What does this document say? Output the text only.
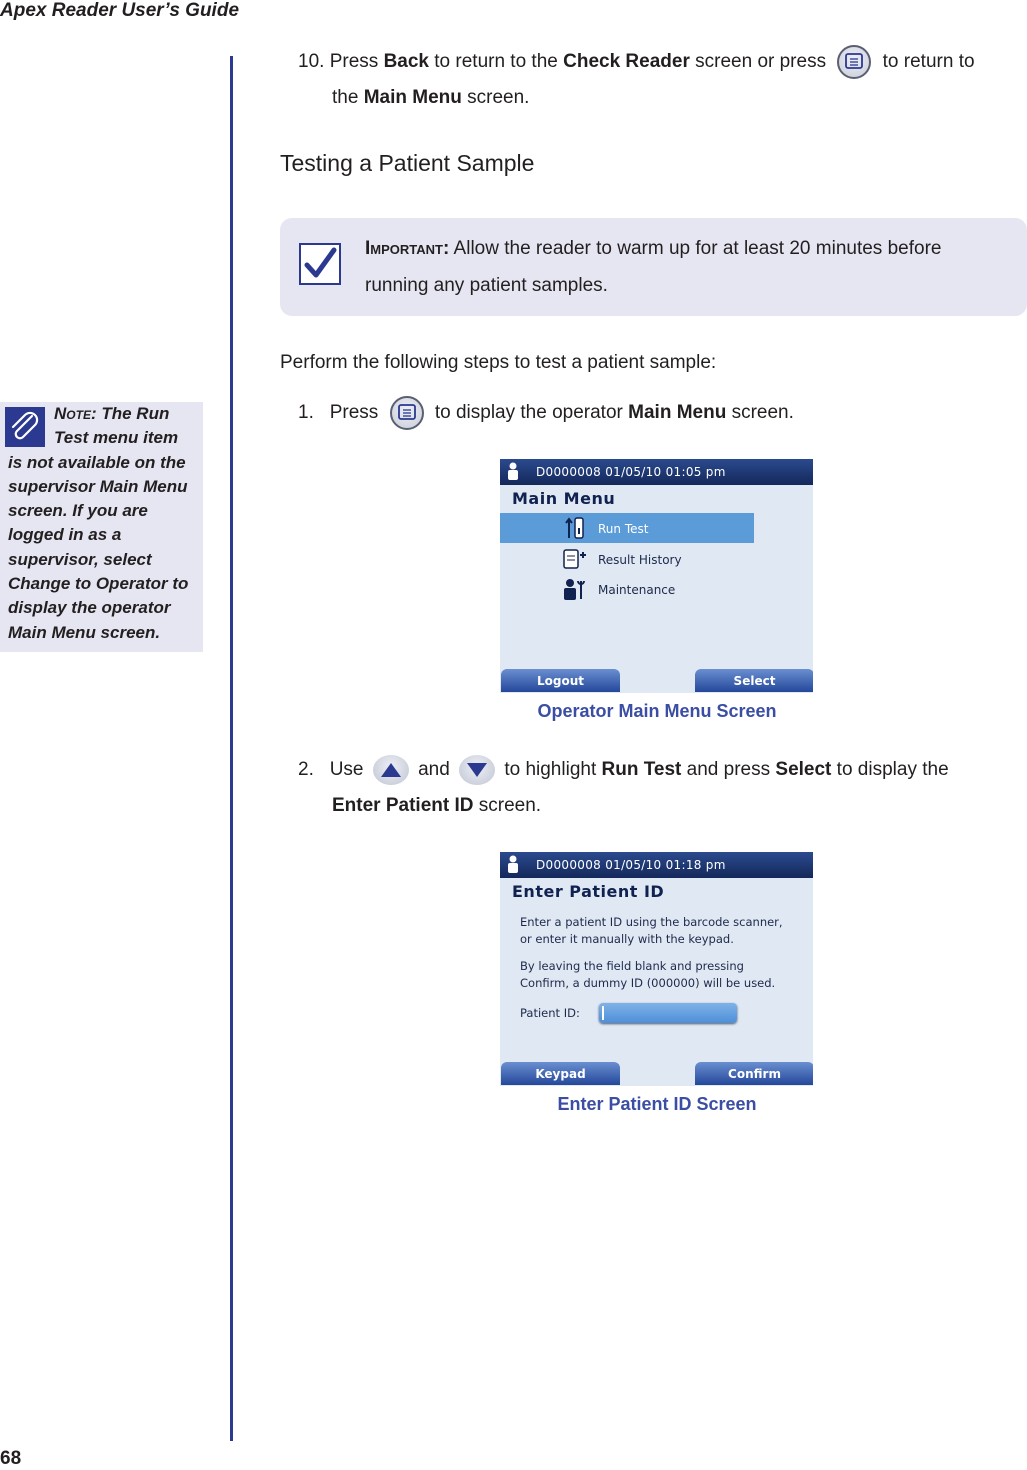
Apex Reader User’s Guide
68
10. Press Back to return to the Check Reader screen or press	to return to
the Main Menu screen.
Testing a Patient Sample
Important: Allow the reader to warm up for at least 20 minutes before
running any patient samples.
Perform the following steps to test a patient sample:
Note: The Run
Test menu item
is not available on the supervisor Main Menu screen. If you are logged in as a supervisor, select Change to Operator to display the operator Main Menu screen.
1. Press	to display the operator Main Menu screen.
D0000008 01/05/10 01:05 pm
Main Menu
Run Test
Result History
Maintenance
Logout	Select
Operator Main Menu Screen
2. Use	and	to highlight Run Test and press Select to display the
Enter Patient ID screen.
D0000008 01/05/10 01:18 pm
Enter Patient ID
Enter a patient ID using the barcode scanner,
or enter it manually with the keypad.
By leaving the field blank and pressing
Confirm, a dummy ID (000000) will be used.
Patient ID:
Keypad	Confirm
Enter Patient ID Screen
